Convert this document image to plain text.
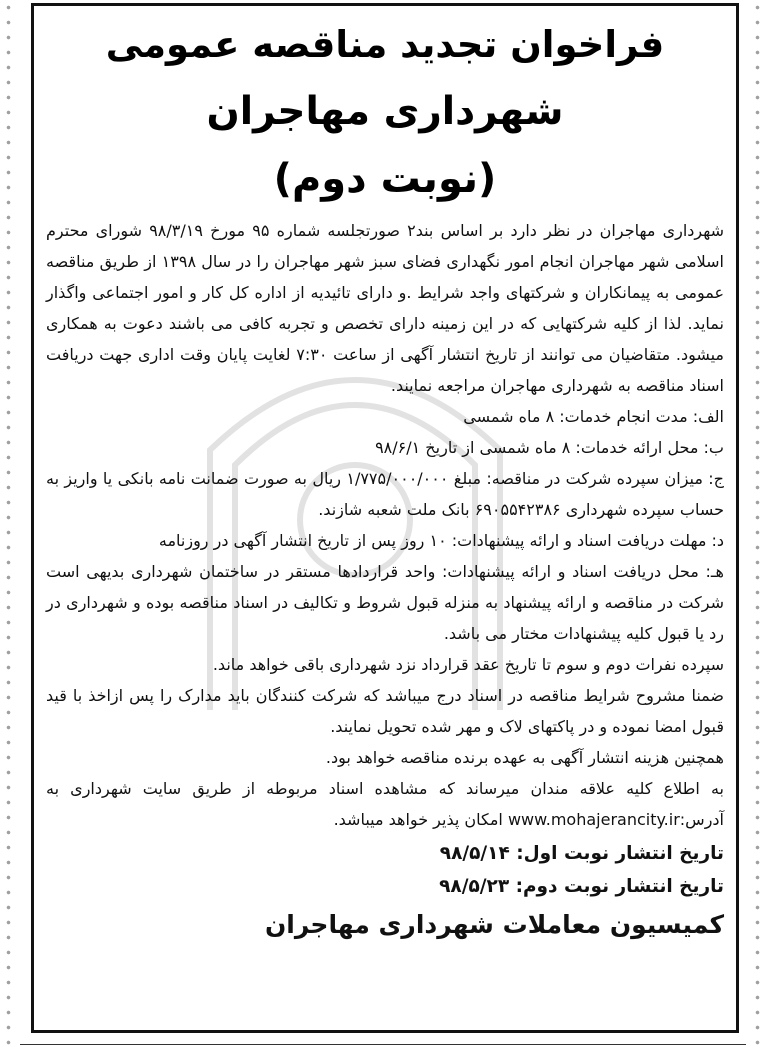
فراخوان تجدید مناقصه عمومی

شهرداری مهاجران

(نوبت دوم)

شهرداری مهاجران در نظر دارد بر اساس بند۲ صورتجلسه شماره ۹۵ مورخ ۹۸/۳/۱۹ شورای محترم اسلامی شهر مهاجران انجام امور نگهداری فضای سبز شهر مهاجران را در سال ۱۳۹۸ از طریق مناقصه عمومی به پیمانکاران و شرکتهای واجد شرایط .و دارای تائیدیه از اداره کل کار و امور اجتماعی واگذار نماید. لذا از کلیه شرکتهایی که در این زمینه دارای تخصص و تجربه کافی می باشند دعوت به همکاری میشود. متقاضیان می توانند از تاریخ انتشار آگهی از ساعت ۷:۳۰ لغایت پایان وقت اداری جهت دریافت اسناد مناقصه به شهرداری مهاجران مراجعه نمایند.

الف: مدت انجام خدمات: ۸ ماه شمسی

ب: محل ارائه خدمات: ۸ ماه شمسی از تاریخ ۹۸/۶/۱

ج: میزان سپرده شرکت در مناقصه: مبلغ ۱/۷۷۵/۰۰۰/۰۰۰ ریال به صورت ضمانت نامه بانکی یا واریز به حساب سپرده شهرداری ۶۹۰۵۵۴۲۳۸۶ بانک ملت شعبه شازند.

د: مهلت دریافت اسناد و ارائه پیشنهادات: ۱۰ روز پس از تاریخ انتشار آگهی در روزنامه

هـ: محل دریافت اسناد و ارائه پیشنهادات: واحد قراردادها مستقر در ساختمان شهرداری بدیهی است شرکت در مناقصه و ارائه پیشنهاد به منزله قبول شروط و تکالیف در اسناد مناقصه بوده و شهرداری در رد یا قبول کلیه پیشنهادات مختار می باشد.

سپرده نفرات دوم و سوم تا تاریخ عقد قرارداد نزد شهرداری باقی خواهد ماند.

ضمنا مشروح شرایط مناقصه در اسناد درج میباشد که شرکت کنندگان باید مدارک را پس ازاخذ با قید قبول امضا نموده و در پاکتهای لاک و مهر شده تحویل نمایند.

همچنین هزینه انتشار آگهی به عهده برنده مناقصه خواهد بود.

به اطلاع کلیه علاقه مندان میرساند که مشاهده اسناد مربوطه از طریق سایت شهرداری به آدرس:www.mohajerancity.ir امکان پذیر خواهد میباشد.

تاریخ انتشار نوبت اول: ۹۸/۵/۱۴

تاریخ انتشار نوبت دوم: ۹۸/۵/۲۳

کمیسیون معاملات شهرداری مهاجران
